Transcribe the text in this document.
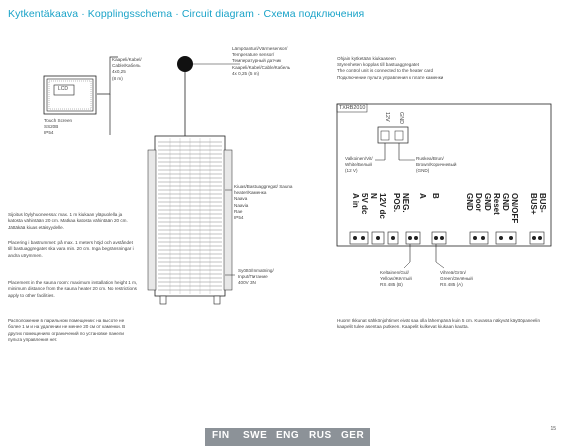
Kytkentäkaava · Kopplingsschema · Circuit diagram · Схема подключения
LCD
Touch Screen
SS20B
IP54
Kaapeli/Kabel/
Cable/Кабель
4x0,25
(8 m)
Lämpöanturi/Värmesensor/
Temperature sensor/
Температурный датчик
Kaapeli/Kabel/Cable/Кабель
4x 0,25 (5 m)
Kiuas/Bastuaggregat/ Sauna
heater/Каменка
Naava
Naavia
Rae
IP54
Syöttö/Inmatning/
Input/Питание
400V 3N
Sijoitus löylyhuoneessa: max. 1 m kiukaan yläpuolella ja katosta vähintään 20 cm. Matkaa katosta vähintään 20 cm. Jättäkää kiuas etäisyydelle.
Placering i bastrummet: på max. 1 meters höjd och avståndet till bastuaggregatet ska vara min. 20 cm. Inga begränsningar i andra utrymmen.
Placement in the sauna room: maximum installation height 1 m, minimum distance from the sauna heater 20 cm. No restrictions apply to other facilities.
Расположение в парильном помещении: на высоте не более 1 м и на удалении не менее 20 см от каменки. В других помещениях ограничений по установке панели пульта управления нет.
Ohjain kytketään kiukaaseen
Styrenheten kopplas till bastuaggregatet
The control unit is connected to the heater card
Подключение пульта управления к плате каменки
TXRB2010
12V GND
Valkoinen/Vit/
White/Белый
(12 V)
Ruskea/Brun/
Brown/Коричневый
(GND)
A in 5V dc N 12V dc POS. NEG. A B	GND Door GND Reset GND ON/OFF BUS+ BUS-
Keltainen/Gul/
Yellow/Жёлтый
RS 485 (B)
Vihreä/Grön/
Green/Зелёный
RS 485 (A)
Huom! Ikkunat sähkönjohtimet eivät saa olla lähempänä kuin 5 cm. Kuvassa näkyvät käyttöpaneelin kaapelit tulee asentaa putkeen. Kaapelit kulkevat kiukaan kautta.
FIN SWE ENG RUS GER
15
